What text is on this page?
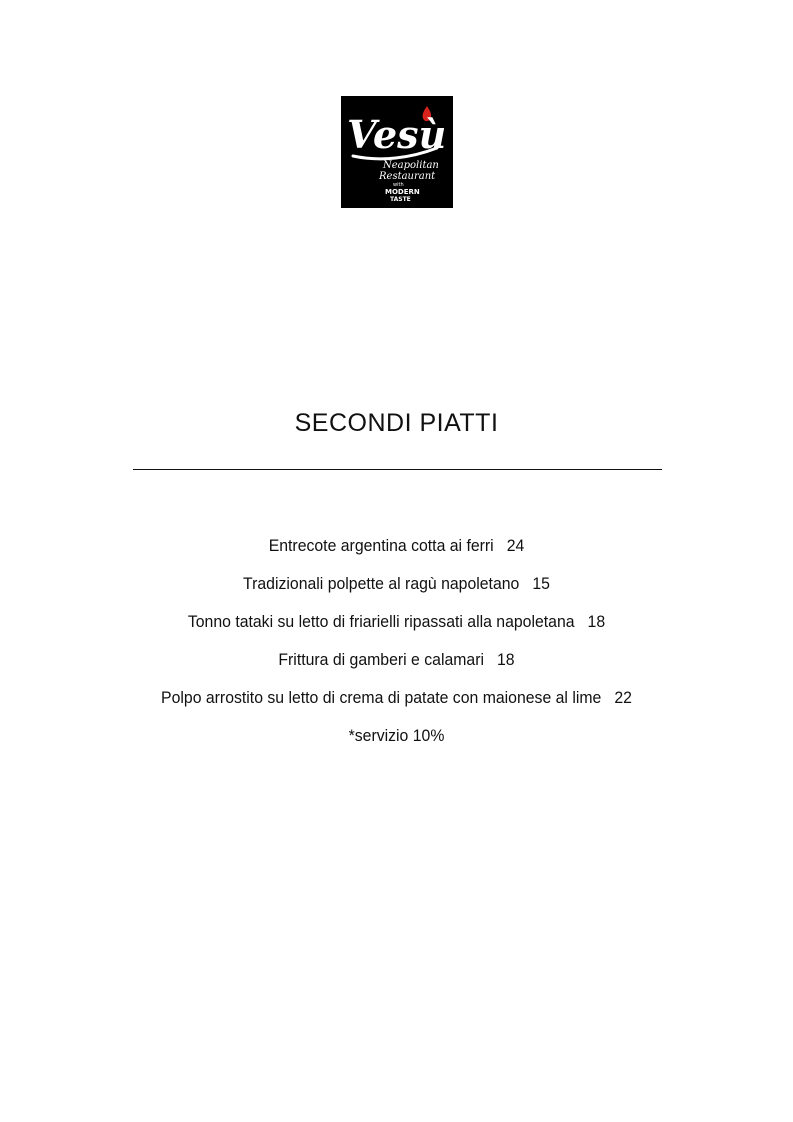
Vesù
Neapolitan
Restaurant
with
MODERN
TASTE
SECONDI PIATTI
Entrecote argentina cotta ai ferri 24
Tradizionali polpette al ragù napoletano 15
Tonno tataki su letto di friarielli ripassati alla napoletana 18
Frittura di gamberi e calamari 18
Polpo arrostito su letto di crema di patate con maionese al lime 22
*servizio 10%
